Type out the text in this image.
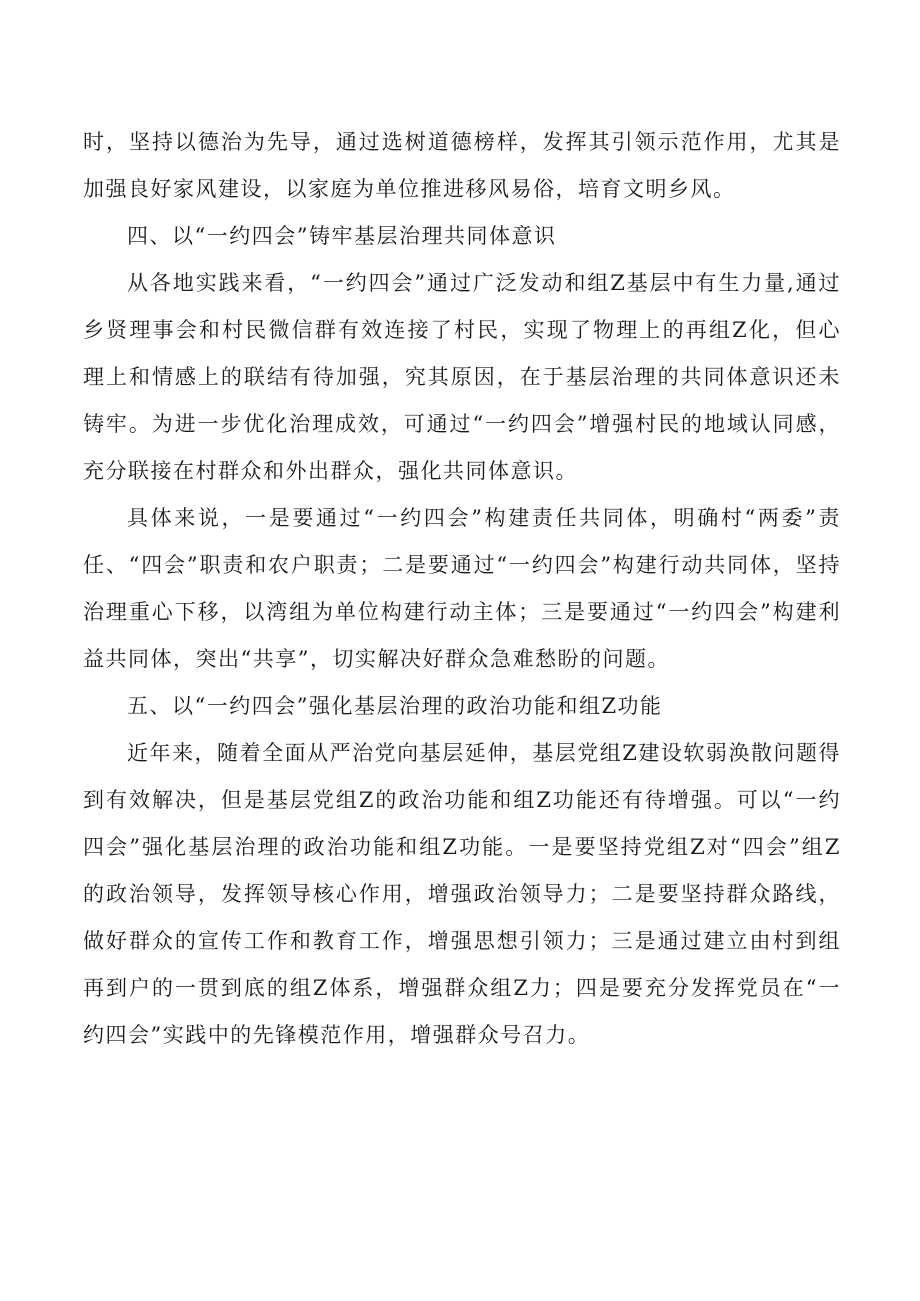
时，坚持以德治为先导，通过选树道德榜样，发挥其引领示范作用，尤其是加强良好家风建设，以家庭为单位推进移风易俗，培育文明乡风。

四、以“一约四会”铸牢基层治理共同体意识

从各地实践来看，“一约四会”通过广泛发动和组Z基层中有生力量,通过乡贤理事会和村民微信群有效连接了村民，实现了物理上的再组Z化，但心理上和情感上的联结有待加强，究其原因，在于基层治理的共同体意识还未铸牢。为进一步优化治理成效，可通过“一约四会”增强村民的地域认同感，充分联接在村群众和外出群众，强化共同体意识。

具体来说，一是要通过“一约四会”构建责任共同体，明确村“两委”责任、“四会”职责和农户职责；二是要通过“一约四会”构建行动共同体，坚持治理重心下移，以湾组为单位构建行动主体；三是要通过“一约四会”构建利益共同体，突出“共享”，切实解决好群众急难愁盼的问题。

五、以“一约四会”强化基层治理的政治功能和组Z功能

近年来，随着全面从严治党向基层延伸，基层党组Z建设软弱涣散问题得到有效解决，但是基层党组Z的政治功能和组Z功能还有待增强。可以“一约四会”强化基层治理的政治功能和组Z功能。一是要坚持党组Z对“四会”组Z的政治领导，发挥领导核心作用，增强政治领导力；二是要坚持群众路线，做好群众的宣传工作和教育工作，增强思想引领力；三是通过建立由村到组再到户的一贯到底的组Z体系，增强群众组Z力；四是要充分发挥党员在“一约四会”实践中的先锋模范作用，增强群众号召力。
